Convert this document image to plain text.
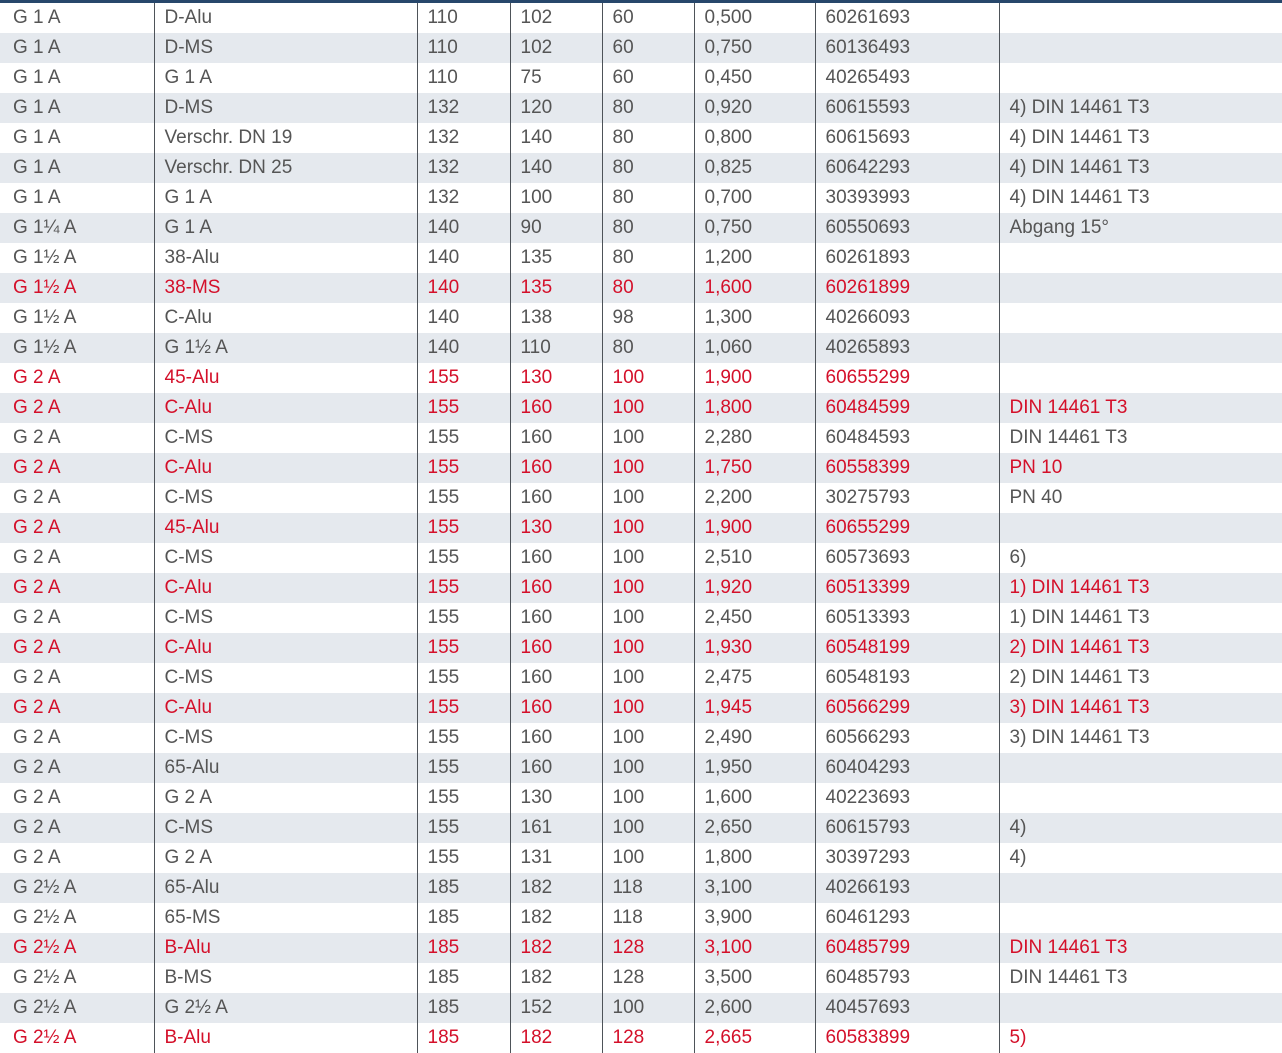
G 1 A	D-Alu	110	102	60	0,500	60261693	
G 1 A	D-MS	110	102	60	0,750	60136493	
G 1 A	G 1 A	110	75	60	0,450	40265493	
G 1 A	D-MS	132	120	80	0,920	60615593	4) DIN 14461 T3
G 1 A	Verschr. DN 19	132	140	80	0,800	60615693	4) DIN 14461 T3
G 1 A	Verschr. DN 25	132	140	80	0,825	60642293	4) DIN 14461 T3
G 1 A	G 1 A	132	100	80	0,700	30393993	4) DIN 14461 T3
G 1¼ A	G 1 A	140	90	80	0,750	60550693	Abgang 15°
G 1½ A	38-Alu	140	135	80	1,200	60261893	
G 1½ A	38-MS	140	135	80	1,600	60261899	
G 1½ A	C-Alu	140	138	98	1,300	40266093	
G 1½ A	G 1½ A	140	110	80	1,060	40265893	
G 2 A	45-Alu	155	130	100	1,900	60655299	
G 2 A	C-Alu	155	160	100	1,800	60484599	DIN 14461 T3
G 2 A	C-MS	155	160	100	2,280	60484593	DIN 14461 T3
G 2 A	C-Alu	155	160	100	1,750	60558399	PN 10
G 2 A	C-MS	155	160	100	2,200	30275793	PN 40
G 2 A	45-Alu	155	130	100	1,900	60655299	
G 2 A	C-MS	155	160	100	2,510	60573693	6)
G 2 A	C-Alu	155	160	100	1,920	60513399	1) DIN 14461 T3
G 2 A	C-MS	155	160	100	2,450	60513393	1) DIN 14461 T3
G 2 A	C-Alu	155	160	100	1,930	60548199	2) DIN 14461 T3
G 2 A	C-MS	155	160	100	2,475	60548193	2) DIN 14461 T3
G 2 A	C-Alu	155	160	100	1,945	60566299	3) DIN 14461 T3
G 2 A	C-MS	155	160	100	2,490	60566293	3) DIN 14461 T3
G 2 A	65-Alu	155	160	100	1,950	60404293	
G 2 A	G 2 A	155	130	100	1,600	40223693	
G 2 A	C-MS	155	161	100	2,650	60615793	4)
G 2 A	G 2 A	155	131	100	1,800	30397293	4)
G 2½ A	65-Alu	185	182	118	3,100	40266193	
G 2½ A	65-MS	185	182	118	3,900	60461293	
G 2½ A	B-Alu	185	182	128	3,100	60485799	DIN 14461 T3
G 2½ A	B-MS	185	182	128	3,500	60485793	DIN 14461 T3
G 2½ A	G 2½ A	185	152	100	2,600	40457693	
G 2½ A	B-Alu	185	182	128	2,665	60583899	5)
